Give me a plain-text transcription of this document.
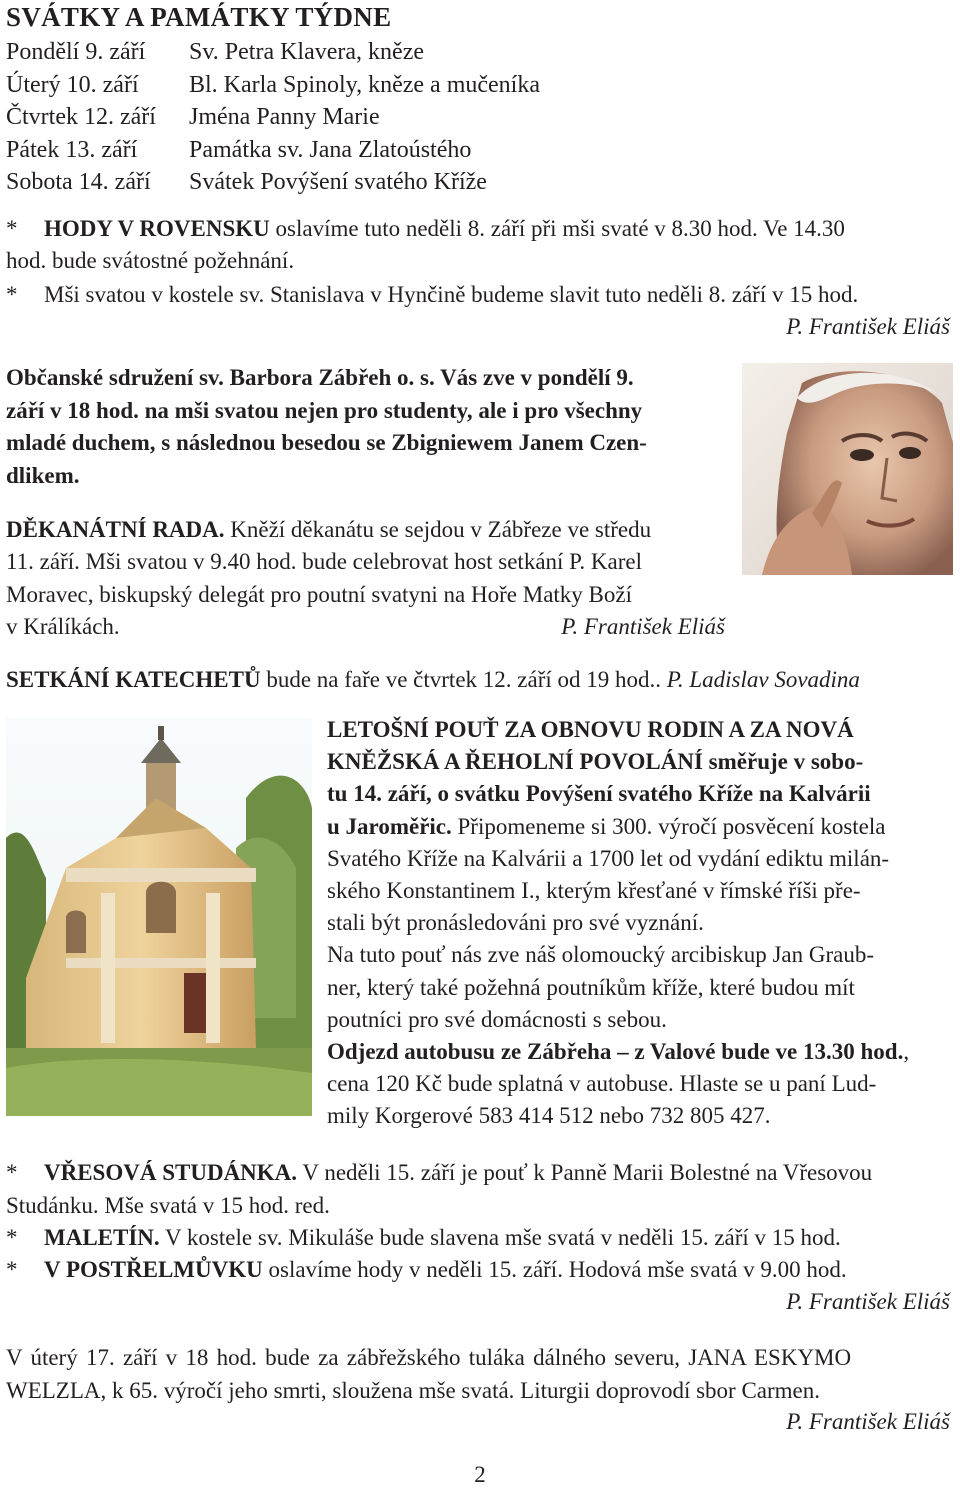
SVÁTKY A PAMÁTKY TÝDNE
Pondělí 9. září	Sv. Petra Klavera, kněze
Úterý 10. září	Bl. Karla Spinoly, kněze a mučeníka
Čtvrtek 12. září	Jména Panny Marie
Pátek 13. září	Památka sv. Jana Zlatoústého
Sobota 14. září	Svátek Povýšení svatého Kříže
* HODY V ROVENSKU oslavíme tuto neděli 8. září při mši svaté v 8.30 hod. Ve 14.30
hod. bude svátostné požehnání.
* Mši svatou v kostele sv. Stanislava v Hynčině budeme slavit tuto neděli 8. září v 15 hod.
P. František Eliáš
Občanské sdružení sv. Barbora Zábřeh o. s. Vás zve v pondělí 9.
září v 18 hod. na mši svatou nejen pro studenty, ale i pro všechny
mladé duchem, s následnou besedou se Zbigniewem Janem Czen-
dlikem.
DĚKANÁTNÍ RADA. Kněží děkanátu se sejdou v Zábřeze ve středu
11. září. Mši svatou v 9.40 hod. bude celebrovat host setkání P. Karel
Moravec, biskupský delegát pro poutní svatyni na Hoře Matky Boží
v Králíkách.	P. František Eliáš
SETKÁNÍ KATECHETŮ bude na faře ve čtvrtek 12. září od 19 hod.. P. Ladislav Sovadina
LETOŠNÍ POUŤ ZA OBNOVU RODIN A ZA NOVÁ
KNĚŽSKÁ A ŘEHOLNÍ POVOLÁNÍ směřuje v sobo-
tu 14. září, o svátku Povýšení svatého Kříže na Kalvárii
u Jaroměřic. Připomeneme si 300. výročí posvěcení kostela
Svatého Kříže na Kalvárii a 1700 let od vydání ediktu milán-
ského Konstantinem I., kterým křesťané v římské říši pře-
stali být pronásledováni pro své vyznání.
Na tuto pouť nás zve náš olomoucký arcibiskup Jan Graub-
ner, který také požehná poutníkům kříže, které budou mít
poutníci pro své domácnosti s sebou.
Odjezd autobusu ze Zábřeha – z Valové bude ve 13.30 hod.,
cena 120 Kč bude splatná v autobuse. Hlaste se u paní Lud-
mily Korgerové 583 414 512 nebo 732 805 427.
* VŘESOVÁ STUDÁNKA. V neděli 15. září je pouť k Panně Marii Bolestné na Vřesovou
Studánku. Mše svatá v 15 hod. red.
* MALETÍN. V kostele sv. Mikuláše bude slavena mše svatá v neděli 15. září v 15 hod.
* V POSTŘELMŮVKU oslavíme hody v neděli 15. září. Hodová mše svatá v 9.00 hod.
P. František Eliáš
V úterý 17. září v 18 hod. bude za zábřežského tuláka dálného severu, JANA ESKYMO
WELZLA, k 65. výročí jeho smrti, sloužena mše svatá. Liturgii doprovodí sbor Carmen.
P. František Eliáš
2
